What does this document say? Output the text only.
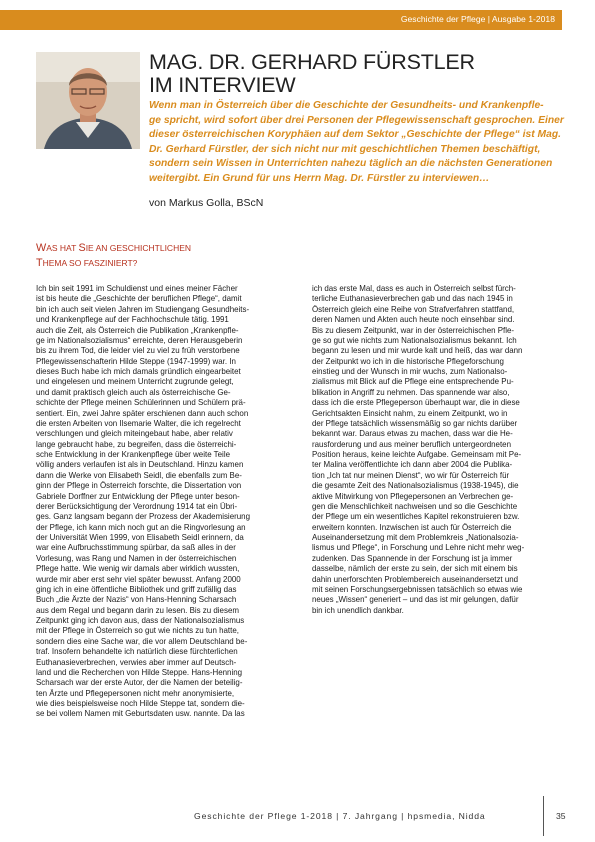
Geschichte der Pflege | Ausgabe 1-2018
MAG. DR. GERHARD FÜRSTLER
IM INTERVIEW
Wenn man in Österreich über die Geschichte der Gesundheits- und Krankenpfle-
ge spricht, wird sofort über drei Personen der Pflegewissenschaft gesprochen. Einer
dieser österreichischen Koryphäen auf dem Sektor „Geschichte der Pflege“ ist Mag.
Dr. Gerhard Fürstler, der sich nicht nur mit geschichtlichen Themen beschäftigt,
sondern sein Wissen in Unterrichten nahezu täglich an die nächsten Generationen
weitergibt. Ein Grund für uns Herrn Mag. Dr. Fürstler zu interviewen…
von Markus Golla, BScN
WAS HAT SIE AN GESCHICHTLICHEN
THEMA SO FASZINIERT?
Ich bin seit 1991 im Schuldienst und eines meiner Fächer
ist bis heute die „Geschichte der beruflichen Pflege“, damit
bin ich auch seit vielen Jahren im Studiengang Gesundheits-
und Krankenpflege auf der Fachhochschule tätig. 1991
auch die Zeit, als Österreich die Publikation „Krankenpfle-
ge im Nationalsozialismus“ erreichte, deren Herausgeberin
bis zu ihrem Tod, die leider viel zu viel zu früh verstorbene
Pflegewissenschafterin Hilde Steppe (1947-1999) war. In
dieses Buch habe ich mich damals gründlich eingearbeitet
und eingelesen und meinem Unterricht zugrunde gelegt,
und damit praktisch gleich auch als österreichische Ge-
schichte der Pflege meinen Schülerinnen und Schülern prä-
sentiert. Ein, zwei Jahre später erschienen dann auch schon
die ersten Arbeiten von Ilsemarie Walter, die ich regelrecht
verschlungen und gleich miteingebaut habe, aber relativ
lange gebraucht habe, zu begreifen, dass die österreichi-
sche Entwicklung in der Krankenpflege über weite Teile
völlig anders verlaufen ist als in Deutschland. Hinzu kamen
dann die Werke von Elisabeth Seidl, die ebenfalls zum Be-
ginn der Pflege in Österreich forschte, die Dissertation von
Gabriele Dorffner zur Entwicklung der Pflege unter beson-
derer Berücksichtigung der Verordnung 1914 tat ein Übri-
ges. Ganz langsam begann der Prozess der Akademisierung
der Pflege, ich kann mich noch gut an die Ringvorlesung an
der Universität Wien 1999, von Elisabeth Seidl erinnern, da
war eine Aufbruchsstimmung spürbar, da saß alles in der
Vorlesung, was Rang und Namen in der österreichischen
Pflege hatte. Wie wenig wir damals aber wirklich wussten,
wurde mir aber erst sehr viel später bewusst. Anfang 2000
ging ich in eine öffentliche Bibliothek und griff zufällig das
Buch „die Ärzte der Nazis“ von Hans-Henning Scharsach
aus dem Regal und begann darin zu lesen. Bis zu diesem
Zeitpunkt ging ich davon aus, dass der Nationalsozialismus
mit der Pflege in Österreich so gut wie nichts zu tun hatte,
sondern dies eine Sache war, die vor allem Deutschland be-
traf. Insofern behandelte ich natürlich diese fürchterlichen
Euthanasieverbrechen, verwies aber immer auf Deutsch-
land und die Recherchen von Hilde Steppe. Hans-Henning
Scharsach war der erste Autor, der die Namen der beteilig-
ten Ärzte und Pflegepersonen nicht mehr anonymisierte,
wie dies beispielsweise noch Hilde Steppe tat, sondern die-
se bei vollem Namen mit Geburtsdaten usw. nannte. Da las
ich das erste Mal, dass es auch in Österreich selbst fürch-
terliche Euthanasieverbrechen gab und das nach 1945 in
Österreich gleich eine Reihe von Strafverfahren stattfand,
deren Namen und Akten auch heute noch einsehbar sind.
Bis zu diesem Zeitpunkt, war in der österreichischen Pfle-
ge so gut wie nichts zum Nationalsozialismus bekannt. Ich
begann zu lesen und mir wurde kalt und heiß, das war dann
der Zeitpunkt wo ich in die historische Pflegeforschung
einstieg und der Wunsch in mir wuchs, zum Nationalso-
zialismus mit Blick auf die Pflege eine entsprechende Pu-
blikation in Angriff zu nehmen. Das spannende war also,
dass ich die erste Pflegeperson überhaupt war, die in diese
Gerichtsakten Einsicht nahm, zu einem Zeitpunkt, wo in
der Pflege tatsächlich wissensmäßig so gar nichts darüber
bekannt war. Daraus etwas zu machen, dass war die He-
rausforderung und aus meiner beruflich untergeordneten
Position heraus, keine leichte Aufgabe. Gemeinsam mit Pe-
ter Malina veröffentlichte ich dann aber 2004 die Publika-
tion „Ich tat nur meinen Dienst“, wo wir für Österreich für
die gesamte Zeit des Nationalsozialismus (1938-1945), die
aktive Mitwirkung von Pflegepersonen an Verbrechen ge-
gen die Menschlichkeit nachweisen und so die Geschichte
der Pflege um ein wesentliches Kapitel rekonstruieren bzw.
erweitern konnten. Inzwischen ist auch für Österreich die
Auseinandersetzung mit dem Problemkreis „Nationalsozia-
lismus und Pflege“, in Forschung und Lehre nicht mehr weg-
zudenken. Das Spannende in der Forschung ist ja immer
dasselbe, nämlich der erste zu sein, der sich mit einem bis
dahin unerforschten Problembereich auseinandersetzt und
mit seinen Forschungsergebnissen tatsächlich so etwas wie
neues „Wissen“ generiert – und das ist mir gelungen, dafür
bin ich unendlich dankbar.
Geschichte der Pflege 1-2018 | 7. Jahrgang | hpsmedia, Nidda	35
